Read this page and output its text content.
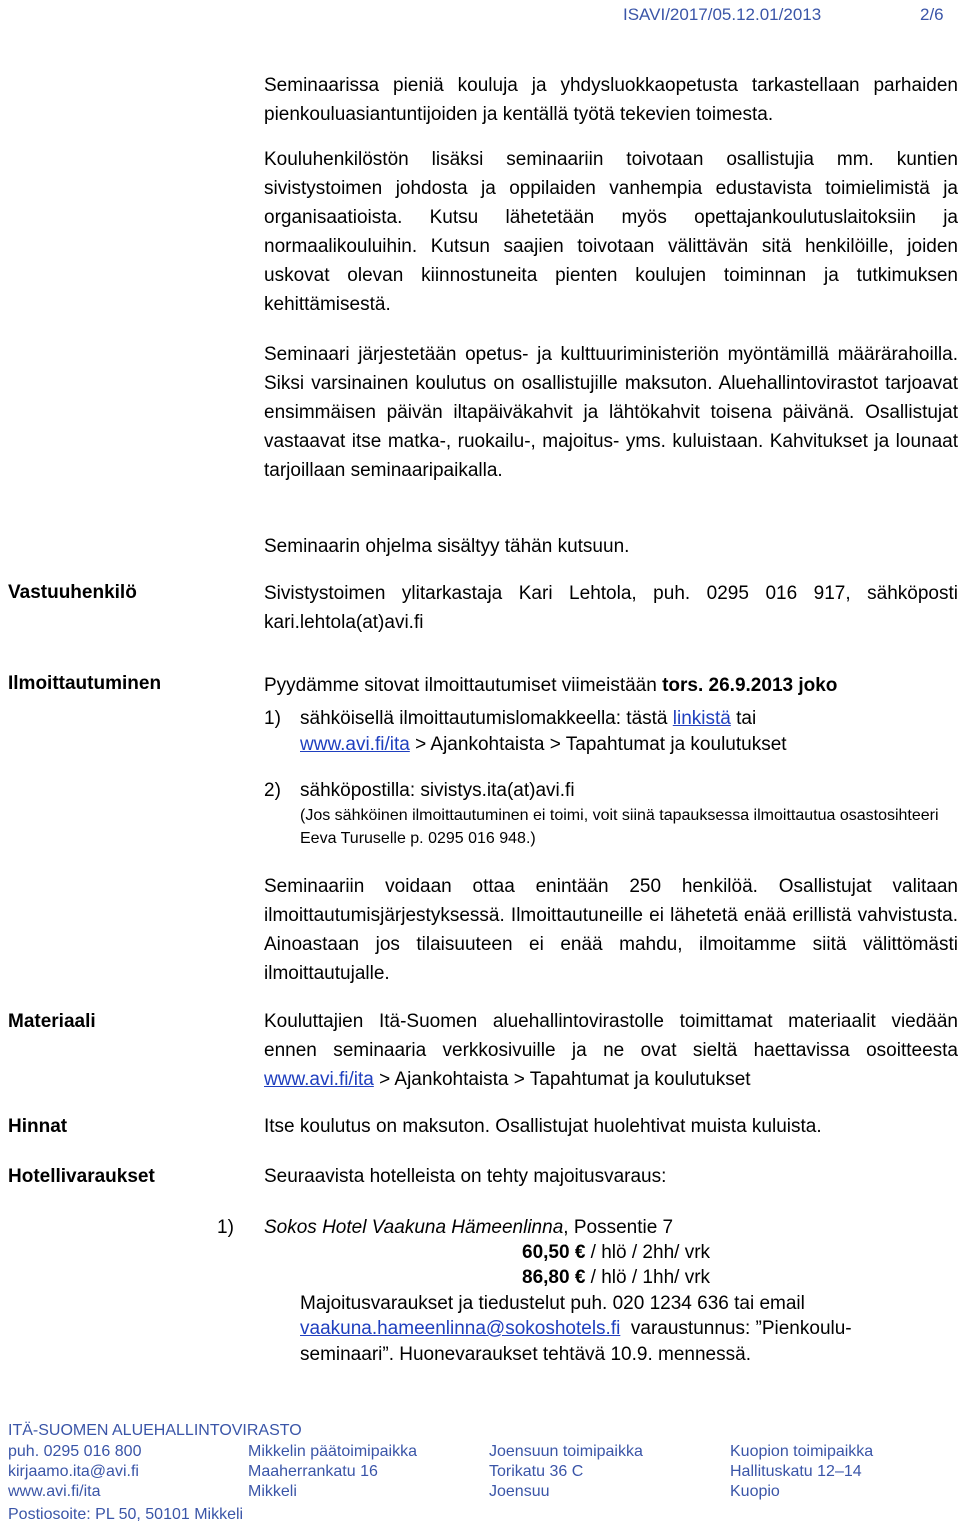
ISAVI/2017/05.12.01/2013	2/6
Seminaarissa pieniä kouluja ja yhdysluokkaopetusta tarkastellaan parhaiden pienkouluasiantuntijoiden ja kentällä työtä tekevien toimesta.
Kouluhenkilöstön lisäksi seminaariin toivotaan osallistujia mm. kuntien sivistystoimen johdosta ja oppilaiden vanhempia edustavista toimielimistä ja organisaatioista. Kutsu lähetetään myös opettajankoulutuslaitoksiin ja normaalikouluihin. Kutsun saajien toivotaan välittävän sitä henkilöille, joiden uskovat olevan kiinnostuneita pienten koulujen toiminnan ja tutkimuksen kehittämisestä.
Seminaari järjestetään opetus- ja kulttuuriministeriön myöntämillä määrärahoilla. Siksi varsinainen koulutus on osallistujille maksuton. Aluehallintovirastot tarjoavat ensimmäisen päivän iltapäiväkahvit ja lähtökahvit toisena päivänä. Osallistujat vastaavat itse matka-, ruokailu-, majoitus- yms. kuluistaan. Kahvitukset ja lounaat tarjoillaan seminaaripaikalla.
Seminaarin ohjelma sisältyy tähän kutsuun.
Vastuuhenkilö	Sivistystoimen ylitarkastaja Kari Lehtola, puh. 0295 016 917, sähköposti kari.lehtola(at)avi.fi
Ilmoittautuminen	Pyydämme sitovat ilmoittautumiset viimeistään tors. 26.9.2013 joko
1) sähköisellä ilmoittautumislomakkeella: tästä linkistä tai
www.avi.fi/ita > Ajankohtaista > Tapahtumat ja koulutukset
2) sähköpostilla: sivistys.ita(at)avi.fi
(Jos sähköinen ilmoittautuminen ei toimi, voit siinä tapauksessa ilmoittautua osastosihteeri Eeva Turuselle p. 0295 016 948.)
Seminaariin voidaan ottaa enintään 250 henkilöä. Osallistujat valitaan ilmoittautumisjärjestyksessä. Ilmoittautuneille ei lähetetä enää erillistä vahvistusta. Ainoastaan jos tilaisuuteen ei enää mahdu, ilmoitamme siitä välittömästi ilmoittautujalle.
Materiaali	Kouluttajien Itä-Suomen aluehallintovirastolle toimittamat materiaalit viedään ennen seminaaria verkkosivuille ja ne ovat sieltä haettavissa osoitteesta www.avi.fi/ita > Ajankohtaista > Tapahtumat ja koulutukset
Hinnat	Itse koulutus on maksuton. Osallistujat huolehtivat muista kuluista.
Hotellivaraukset	Seuraavista hotelleista on tehty majoitusvaraus:
1) Sokos Hotel Vaakuna Hämeenlinna, Possentie 7
60,50 € / hlö / 2hh/ vrk
86,80 € / hlö / 1hh/ vrk
Majoitusvaraukset ja tiedustelut puh. 020 1234 636 tai email
vaakuna.hameenlinna@sokoshotels.fi  varaustunnus: ”Pienkoulu-
seminaari”. Huonevaraukset tehtävä 10.9. mennessä.
ITÄ-SUOMEN ALUEHALLINTOVIRASTO
puh. 0295 016 800
kirjaamo.ita@avi.fi
www.avi.fi/ita
Mikkelin päätoimipaikka
Maaherrankatu 16
Mikkeli
Joensuun toimipaikka
Torikatu 36 C
Joensuu
Kuopion toimipaikka
Hallituskatu 12–14
Kuopio
Postiosoite: PL 50, 50101 Mikkeli
